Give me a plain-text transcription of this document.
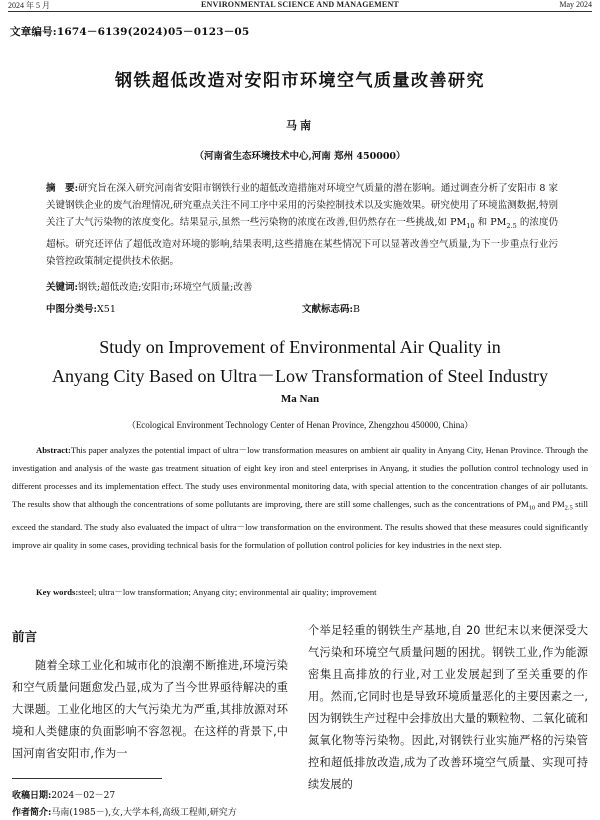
2024 年 5 月	ENVIRONMENTAL SCIENCE AND MANAGEMENT	May 2024
文章编号:1674－6139(2024)05－0123－05
钢铁超低改造对安阳市环境空气质量改善研究
马南
（河南省生态环境技术中心,河南 郑州 450000）
摘　要:研究旨在深入研究河南省安阳市钢铁行业的超低改造措施对环境空气质量的潜在影响。通过调查分析了安阳市 8 家关键钢铁企业的废气治理情况,研究重点关注不同工序中采用的污染控制技术以及实施效果。研究使用了环境监测数据,特别关注了大气污染物的浓度变化。结果显示,虽然一些污染物的浓度在改善,但仍然存在一些挑战,如 $PM_{10}$ 和 $PM_{2.5}$ 的浓度仍超标。研究还评估了超低改造对环境的影响,结果表明,这些措施在某些情况下可以显著改善空气质量,为下一步重点行业污染管控政策制定提供技术依据。
关键词:钢铁;超低改造;安阳市;环境空气质量;改善
中图分类号:X51	文献标志码:B
Study on Improvement of Environmental Air Quality in
Anyang City Based on Ultra－Low Transformation of Steel Industry
Ma Nan
（Ecological Environment Technology Center of Henan Province, Zhengzhou 450000, China）
Abstract:This paper analyzes the potential impact of ultra－low transformation measures on ambient air quality in Anyang City, Henan Province. Through the investigation and analysis of the waste gas treatment situation of eight key iron and steel enterprises in Anyang, it studies the pollution control technology used in different processes and its implementation effect. The study uses environmental monitoring data, with special attention to the concentration changes of air pollutants. The results show that although the concentrations of some pollutants are improving, there are still some challenges, such as the concentrations of $PM_{10}$ and $PM_{2.5}$ still exceed the standard. The study also evaluated the impact of ultra－low transformation on the environment. The results showed that these measures could significantly improve air quality in some cases, providing technical basis for the formulation of pollution control policies for key industries in the next step.
Key words:steel; ultra－low transformation; Anyang city; environmental air quality; improvement
前言
随着全球工业化和城市化的浪潮不断推进,环境污染和空气质量问题愈发凸显,成为了当今世界亟待解决的重大课题。工业化地区的大气污染尤为严重,其排放源对环境和人类健康的负面影响不容忽视。在这样的背景下,中国河南省安阳市,作为一
个举足轻重的钢铁生产基地,自 20 世纪末以来便深受大气污染和环境空气质量问题的困扰。钢铁工业,作为能源密集且高排放的行业,对工业发展起到了至关重要的作用。然而,它同时也是导致环境质量恶化的主要因素之一,因为钢铁生产过程中会排放出大量的颗粒物、二氧化硫和氮氧化物等污染物。因此,对钢铁行业实施严格的污染管控和超低排放改造,成为了改善环境空气质量、实现可持续发展的
收稿日期:2024－02－27
作者简介:马南(1985－),女,大学本科,高级工程师,研究方
